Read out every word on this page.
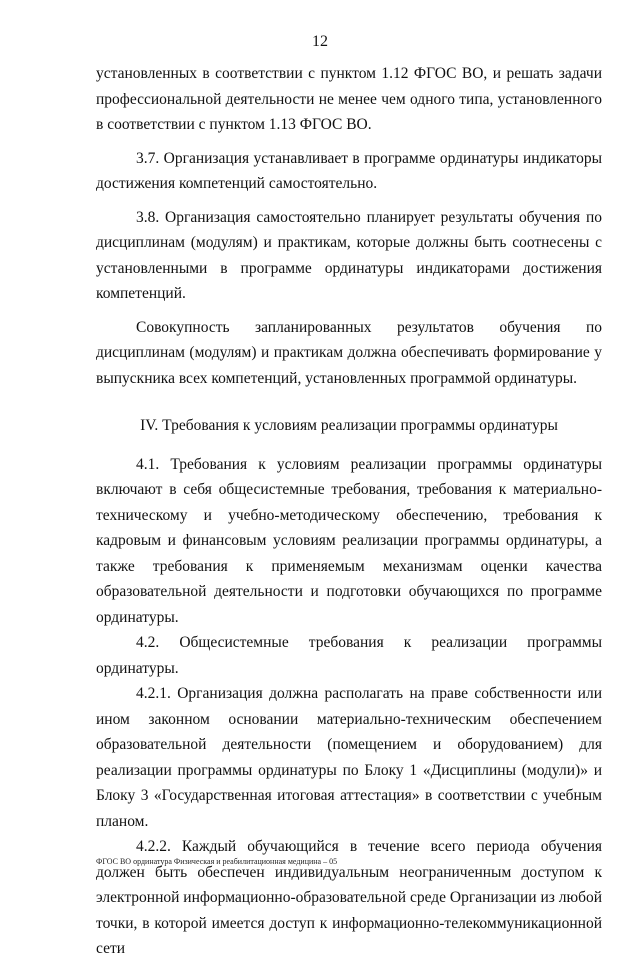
12

установленных в соответствии с пунктом 1.12 ФГОС ВО, и решать задачи профессиональной деятельности не менее чем одного типа, установленного в соответствии с пунктом 1.13 ФГОС ВО.

3.7. Организация устанавливает в программе ординатуры индикаторы достижения компетенций самостоятельно.

3.8. Организация самостоятельно планирует результаты обучения по дисциплинам (модулям) и практикам, которые должны быть соотнесены с установленными в программе ординатуры индикаторами достижения компетенций.

Совокупность запланированных результатов обучения по дисциплинам (модулям) и практикам должна обеспечивать формирование у выпускника всех компетенций, установленных программой ординатуры.

IV. Требования к условиям реализации программы ординатуры

4.1. Требования к условиям реализации программы ординатуры включают в себя общесистемные требования, требования к материально-техническому и учебно-методическому обеспечению, требования к кадровым и финансовым условиям реализации программы ординатуры, а также требования к применяемым механизмам оценки качества образовательной деятельности и подготовки обучающихся по программе ординатуры.

4.2. Общесистемные требования к реализации программы ординатуры.

4.2.1. Организация должна располагать на праве собственности или ином законном основании материально-техническим обеспечением образовательной деятельности (помещением и оборудованием) для реализации программы ординатуры по Блоку 1 «Дисциплины (модули)» и Блоку 3 «Государственная итоговая аттестация» в соответствии с учебным планом.

4.2.2. Каждый обучающийся в течение всего периода обучения должен быть обеспечен индивидуальным неограниченным доступом к электронной информационно-образовательной среде Организации из любой точки, в которой имеется доступ к информационно-телекоммуникационной сети

ФГОС ВО ординатура Физическая и реабилитационная медицина – 05
